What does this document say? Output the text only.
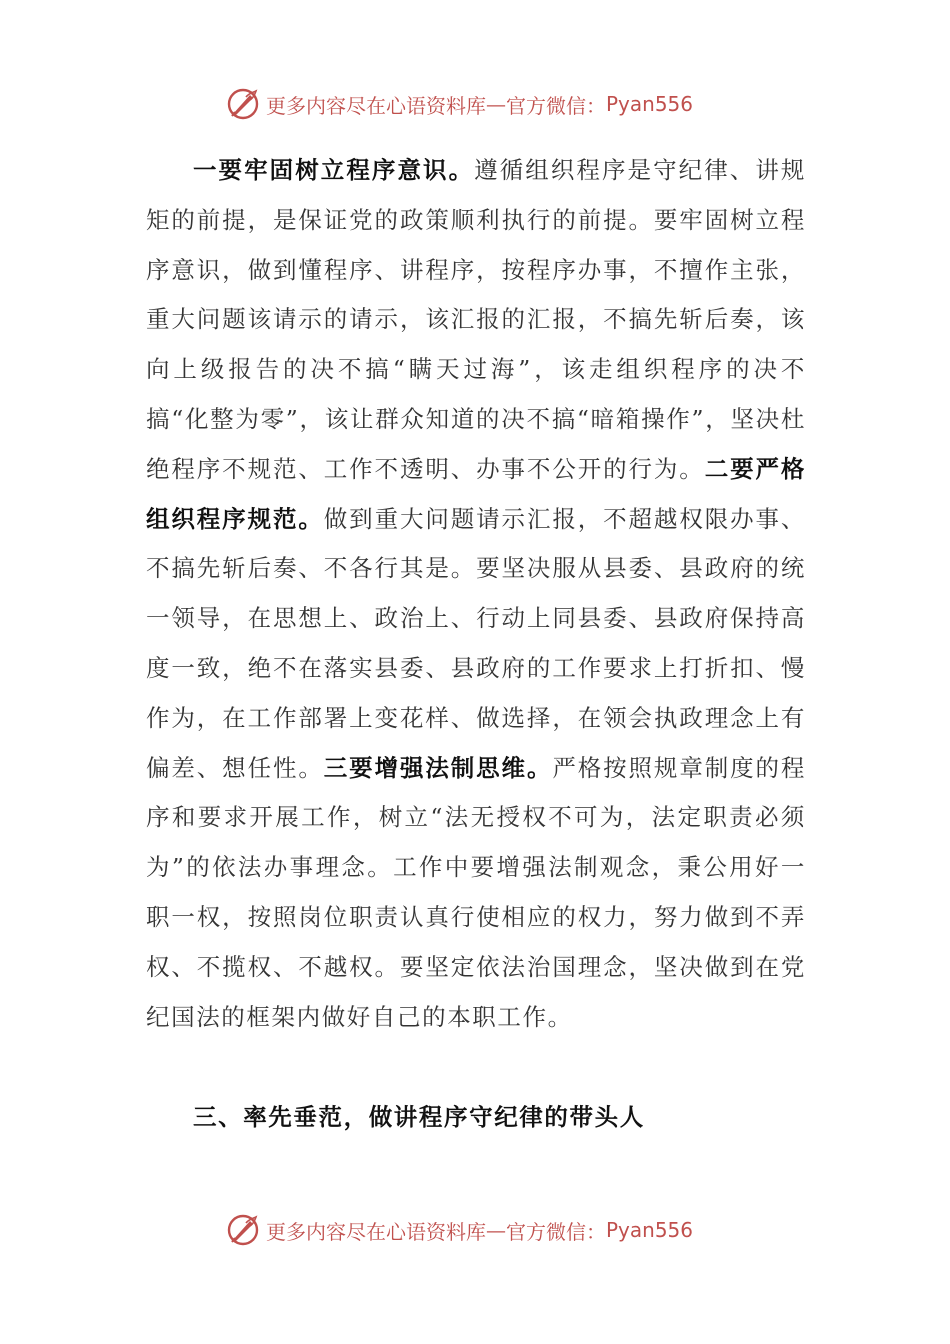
更多内容尽在心语资料库 — 官方微信： Pyan556
一要牢固树立程序意识。遵循组织程序是守纪律、讲规矩的前提，是保证党的政策顺利执行的前提。要牢固树立程序意识，做到懂程序、讲程序，按程序办事，不擅作主张，重大问题该请示的请示，该汇报的汇报，不搞先斩后奏，该向上级报告的决不搞“瞒天过海”，该走组织程序的决不搞“化整为零”，该让群众知道的决不搞“暗箱操作”，坚决杜绝程序不规范、工作不透明、办事不公开的行为。二要严格组织程序规范。做到重大问题请示汇报，不超越权限办事、不搞先斩后奏、不各行其是。要坚决服从县委、县政府的统一领导，在思想上、政治上、行动上同县委、县政府保持高度一致，绝不在落实县委、县政府的工作要求上打折扣、慢作为，在工作部署上变花样、做选择，在领会执政理念上有偏差、想任性。三要增强法制思维。严格按照规章制度的程序和要求开展工作，树立“法无授权不可为，法定职责必须为”的依法办事理念。工作中要增强法制观念，秉公用好一职一权，按照岗位职责认真行使相应的权力，努力做到不弄权、不揽权、不越权。要坚定依法治国理念，坚决做到在党纪国法的框架内做好自己的本职工作。
三、率先垂范，做讲程序守纪律的带头人
更多内容尽在心语资料库 — 官方微信： Pyan556
